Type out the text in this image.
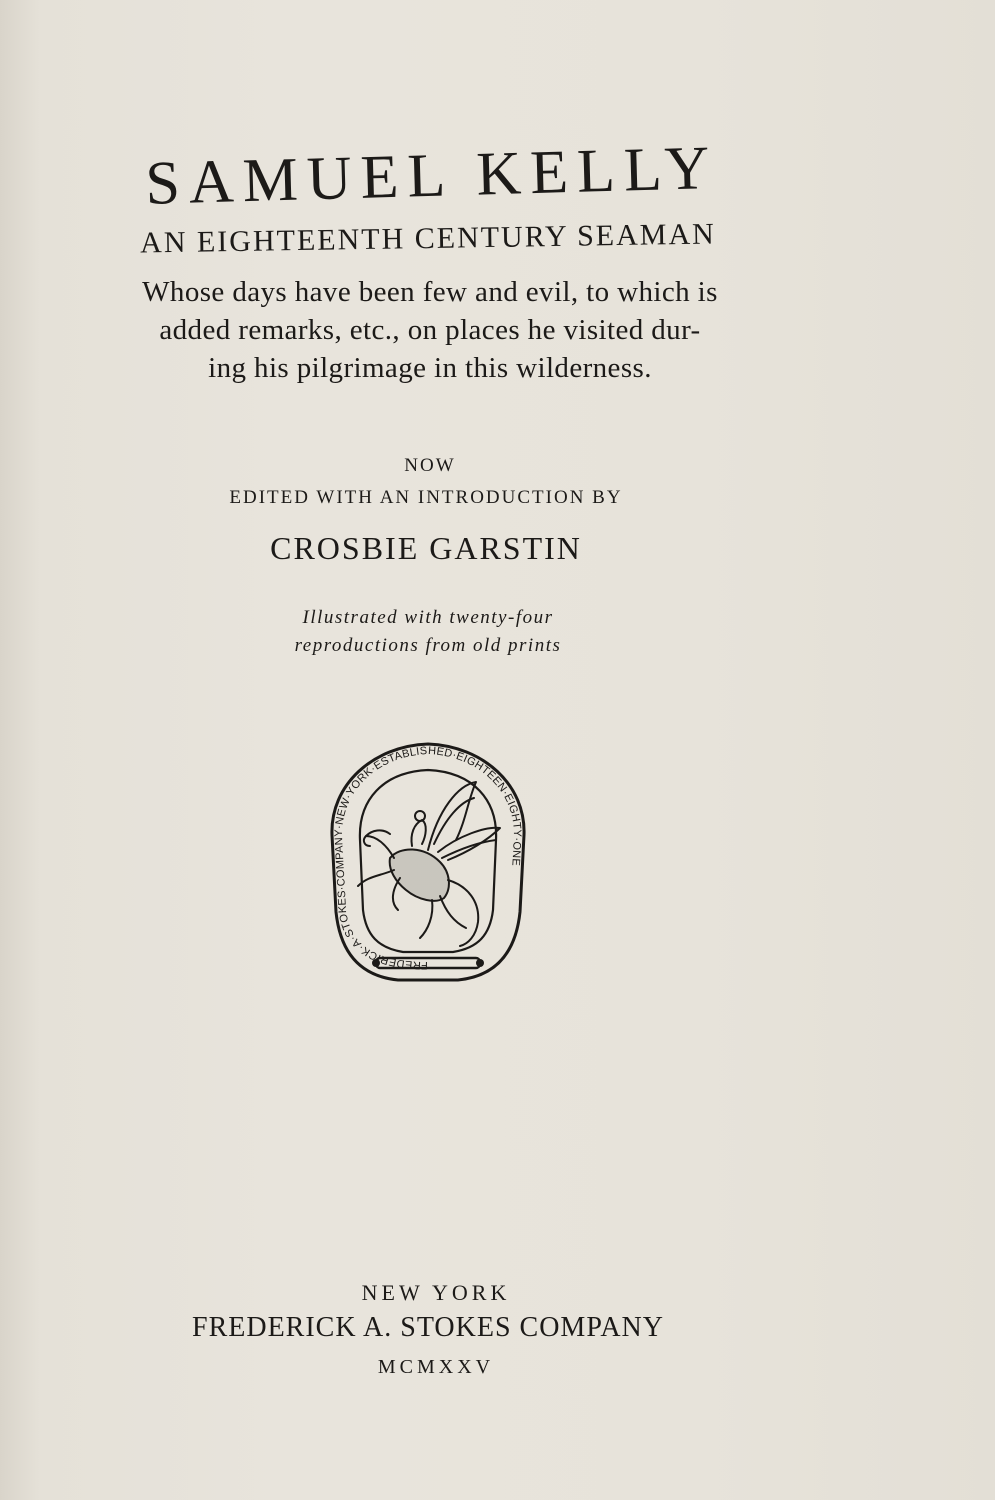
SAMUEL KELLY
AN EIGHTEENTH CENTURY SEAMAN
Whose days have been few and evil, to which is
added remarks, etc., on places he visited dur-
ing his pilgrimage in this wilderness.
NOW
EDITED WITH AN INTRODUCTION BY
CROSBIE GARSTIN
Illustrated with twenty-four
reproductions from old prints
FREDERICK·A·STOKES·COMPANY·NEW·YORK·ESTABLISHED·EIGHTEEN·EIGHTY·ONE
NEW YORK
FREDERICK A. STOKES COMPANY
MCMXXV
